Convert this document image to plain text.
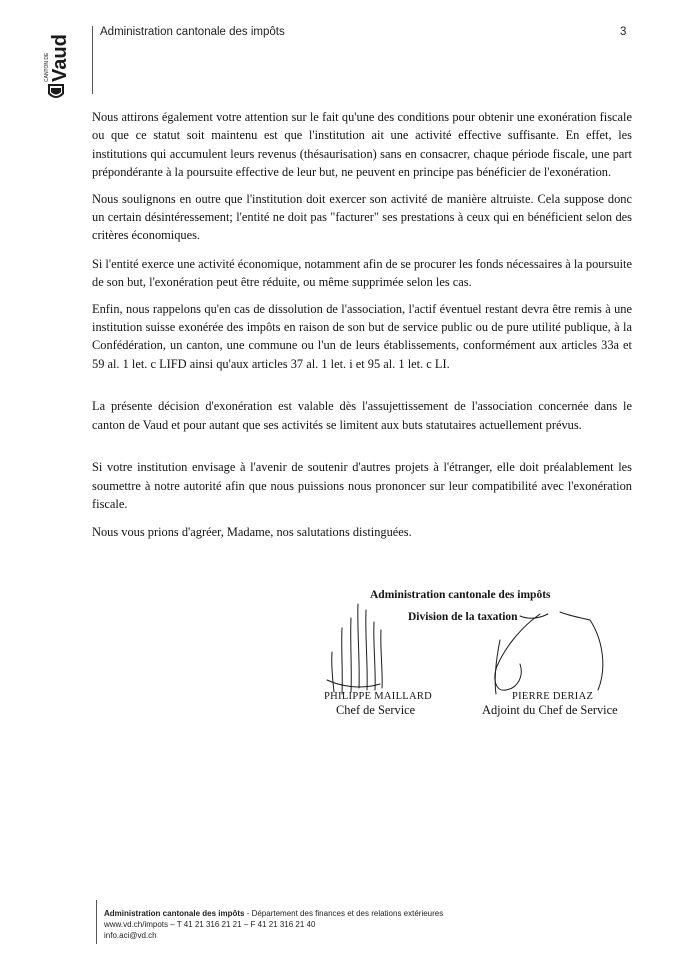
Vaud
CANTON DE
Administration cantonale des impôts	3

Nous attirons également votre attention sur le fait qu'une des conditions pour obtenir une exonération fiscale ou que ce statut soit maintenu est que l'institution ait une activité effective suffisante. En effet, les institutions qui accumulent leurs revenus (thésaurisation) sans en consacrer, chaque période fiscale, une part prépondérante à la poursuite effective de leur but, ne peuvent en principe pas bénéficier de l'exonération.

Nous soulignons en outre que l'institution doit exercer son activité de manière altruiste. Cela suppose donc un certain désintéressement; l'entité ne doit pas "facturer" ses prestations à ceux qui en bénéficient selon des critères économiques.

Si l'entité exerce une activité économique, notamment afin de se procurer les fonds nécessaires à la poursuite de son but, l'exonération peut être réduite, ou même supprimée selon les cas.

Enfin, nous rappelons qu'en cas de dissolution de l'association, l'actif éventuel restant devra être remis à une institution suisse exonérée des impôts en raison de son but de service public ou de pure utilité publique, à la Confédération, un canton, une commune ou l'un de leurs établissements, conformément aux articles 33a et 59 al. 1 let. c LIFD ainsi qu'aux articles 37 al. 1 let. i et 95 al. 1 let. c LI.

La présente décision d'exonération est valable dès l'assujettissement de l'association concernée dans le canton de Vaud et pour autant que ses activités se limitent aux buts statutaires actuellement prévus.

Si votre institution envisage à l'avenir de soutenir d'autres projets à l'étranger, elle doit préalablement les soumettre à notre autorité afin que nous puissions nous prononcer sur leur compatibilité avec l'exonération fiscale.

Nous vous prions d'agréer, Madame, nos salutations distinguées.

Administration cantonale des impôts
Division de la taxation
PHILIPPE MAILLARD
Chef de Service
PIERRE DERIAZ
Adjoint du Chef de Service
Administration cantonale des impôts - Département des finances et des relations extérieures
www.vd.ch/impots – T 41 21 316 21 21 – F 41 21 316 21 40
info.aci@vd.ch
